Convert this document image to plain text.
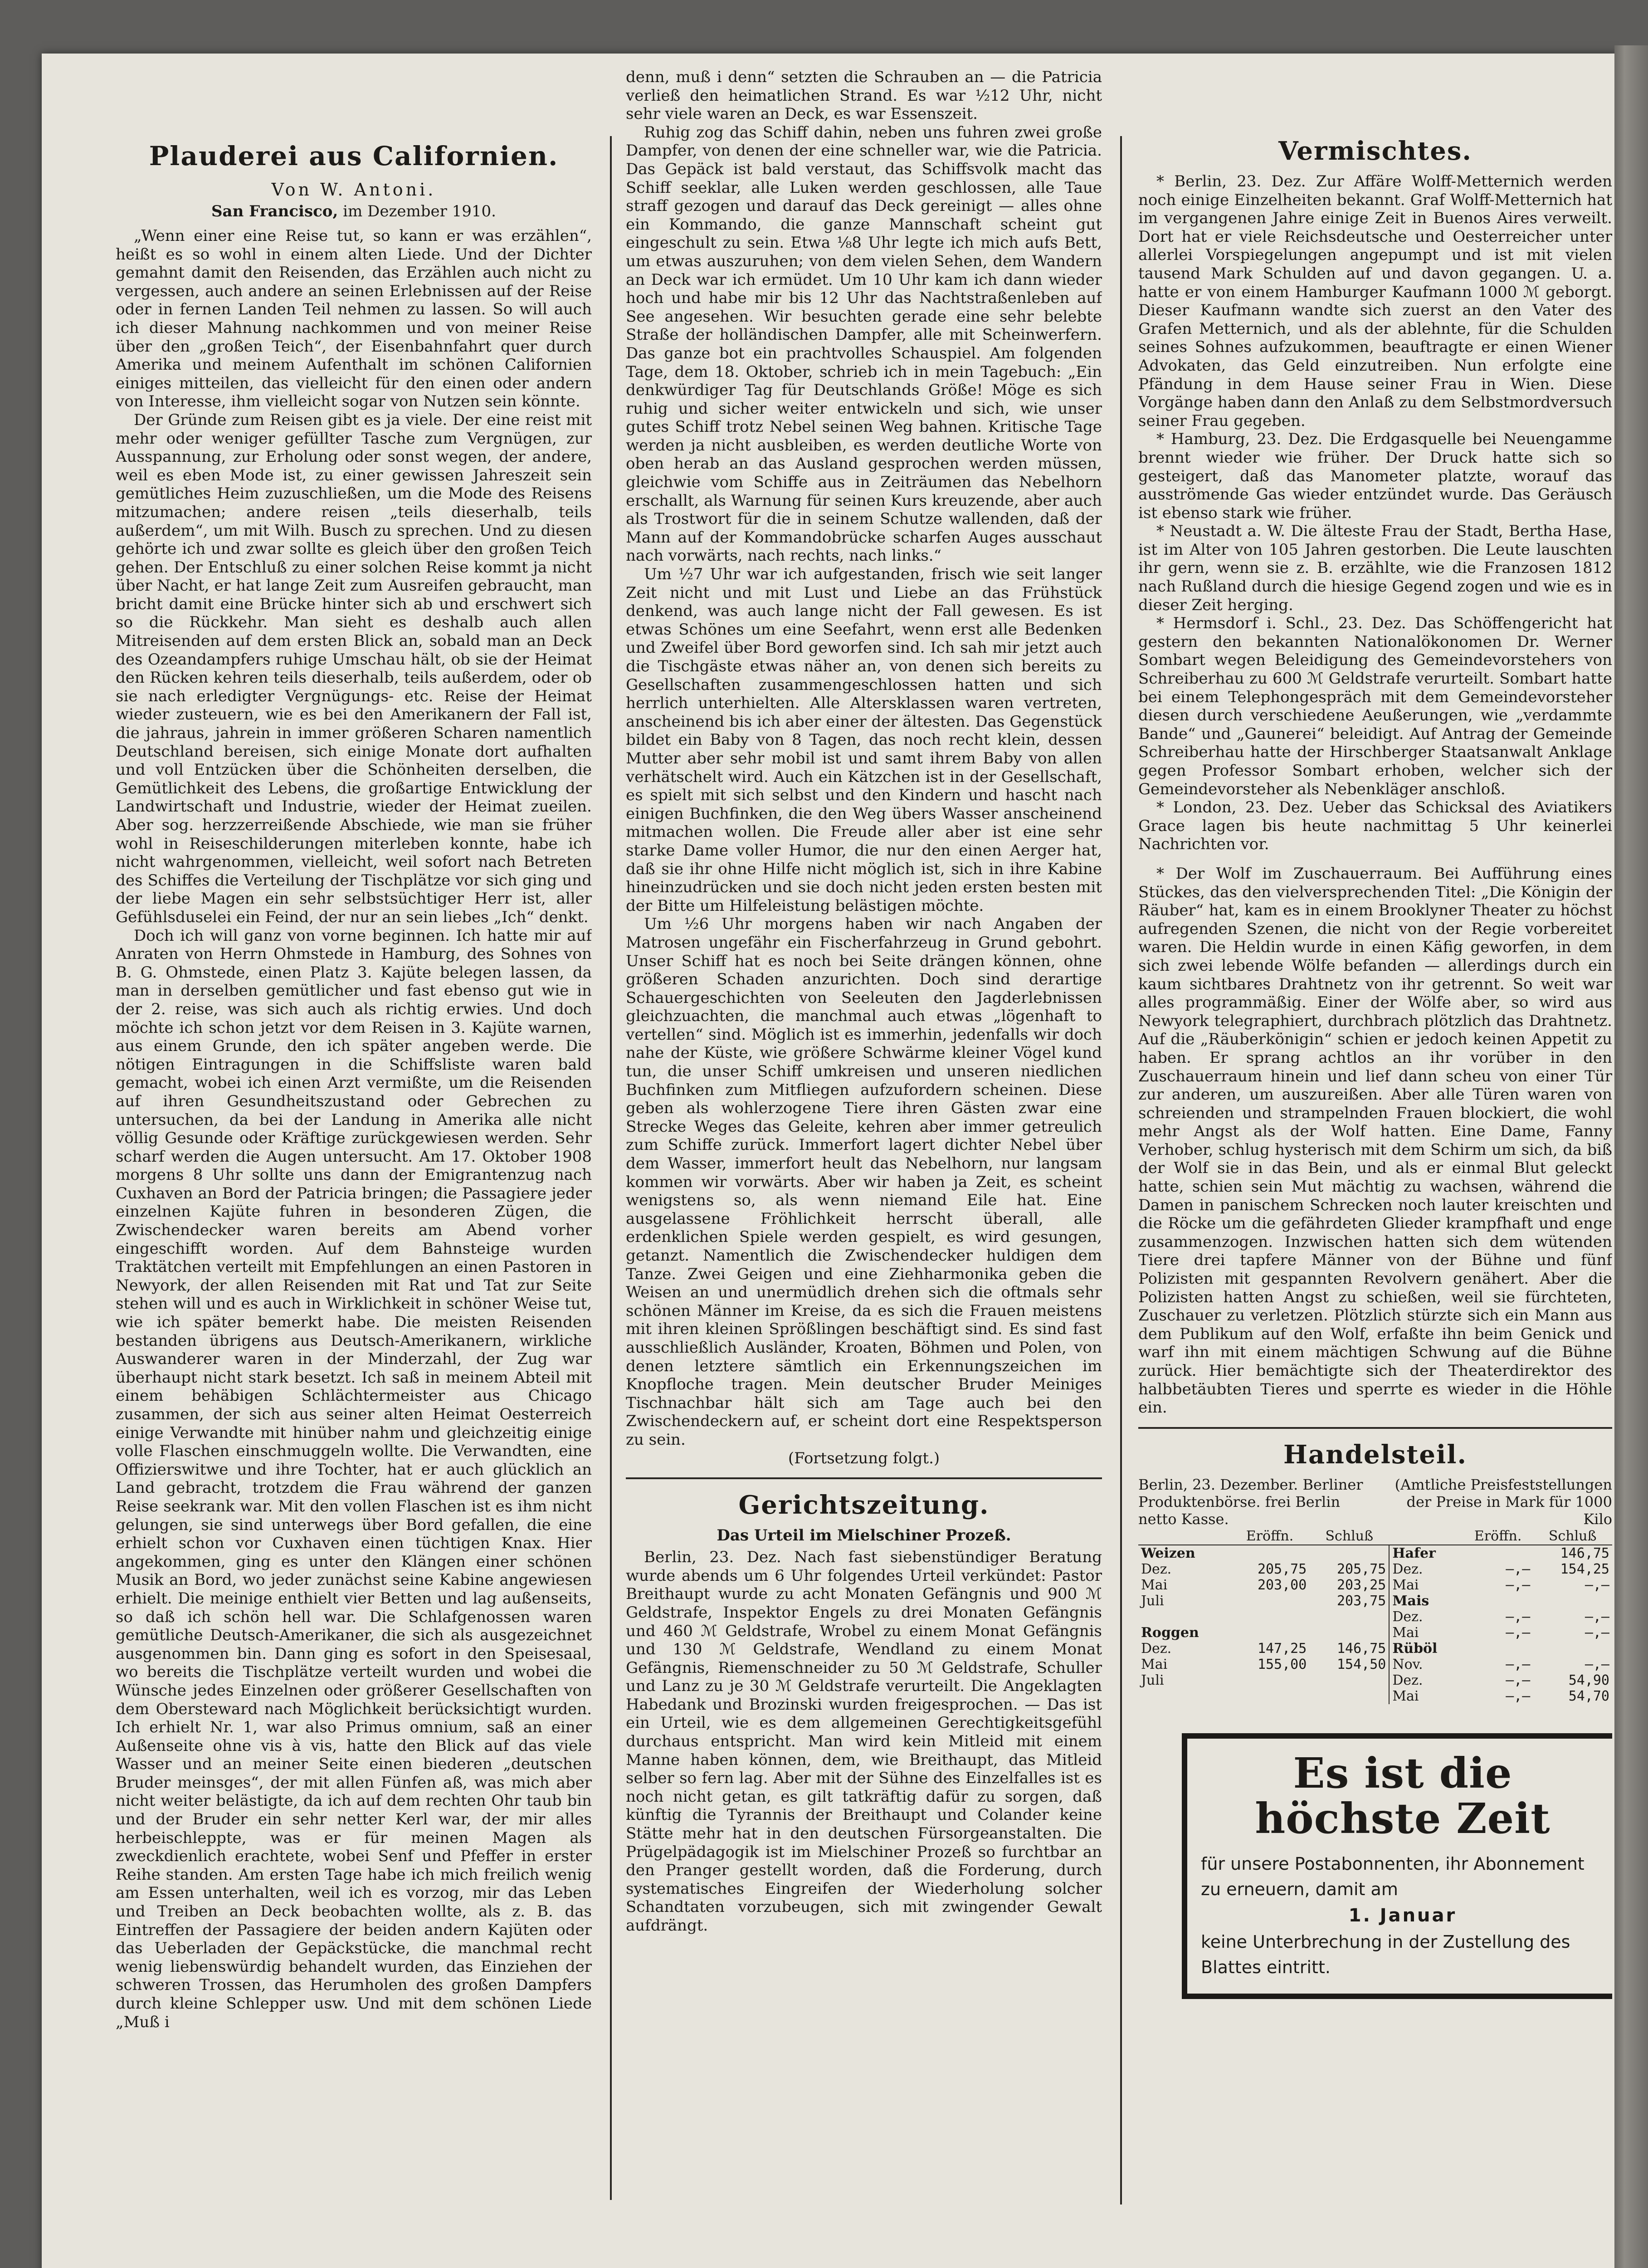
Plauderei aus Californien.
Von W. Antoni.
San Francisco, im Dezember 1910.

„Wenn einer eine Reise tut, so kann er was erzählen“, heißt es so wohl in einem alten Liede. Und der Dichter gemahnt damit den Reisenden, das Erzählen auch nicht zu vergessen, auch andere an seinen Erlebnissen auf der Reise oder in fernen Landen Teil nehmen zu lassen. So will auch ich dieser Mahnung nachkommen und von meiner Reise über den „großen Teich“, der Eisenbahnfahrt quer durch Amerika und meinem Aufenthalt im schönen Californien einiges mitteilen, das vielleicht für den einen oder andern von Interesse, ihm vielleicht sogar von Nutzen sein könnte.

Der Gründe zum Reisen gibt es ja viele. Der eine reist mit mehr oder weniger gefüllter Tasche zum Vergnügen, zur Ausspannung, zur Erholung oder sonst wegen, der andere, weil es eben Mode ist, zu einer gewissen Jahreszeit sein gemütliches Heim zuzuschließen, um die Mode des Reisens mitzumachen; andere reisen „teils dieserhalb, teils außerdem“, um mit Wilh. Busch zu sprechen. Und zu diesen gehörte ich und zwar sollte es gleich über den großen Teich gehen. Der Entschluß zu einer solchen Reise kommt ja nicht über Nacht, er hat lange Zeit zum Ausreifen gebraucht, man bricht damit eine Brücke hinter sich ab und erschwert sich so die Rückkehr. Man sieht es deshalb auch allen Mitreisenden auf dem ersten Blick an, sobald man an Deck des Ozeandampfers ruhige Umschau hält, ob sie der Heimat den Rücken kehren teils dieserhalb, teils außerdem, oder ob sie nach erledigter Vergnügungs- etc. Reise der Heimat wieder zusteuern, wie es bei den Amerikanern der Fall ist, die jahraus, jahrein in immer größeren Scharen namentlich Deutschland bereisen, sich einige Monate dort aufhalten und voll Entzücken über die Schönheiten derselben, die Gemütlichkeit des Lebens, die großartige Entwicklung der Landwirtschaft und Industrie, wieder der Heimat zueilen. Aber sog. herzzerreißende Abschiede, wie man sie früher wohl in Reiseschilderungen miterleben konnte, habe ich nicht wahrgenommen, vielleicht, weil sofort nach Betreten des Schiffes die Verteilung der Tischplätze vor sich ging und der liebe Magen ein sehr selbstsüchtiger Herr ist, aller Gefühlsduselei ein Feind, der nur an sein liebes „Ich“ denkt.

Doch ich will ganz von vorne beginnen. Ich hatte mir auf Anraten von Herrn Ohmstede in Hamburg, des Sohnes von B. G. Ohmstede, einen Platz 3. Kajüte belegen lassen, da man in derselben gemütlicher und fast ebenso gut wie in der 2. reise, was sich auch als richtig erwies. Und doch möchte ich schon jetzt vor dem Reisen in 3. Kajüte warnen, aus einem Grunde, den ich später angeben werde. Die nötigen Eintragungen in die Schiffsliste waren bald gemacht, wobei ich einen Arzt vermißte, um die Reisenden auf ihren Gesundheitszustand oder Gebrechen zu untersuchen, da bei der Landung in Amerika alle nicht völlig Gesunde oder Kräftige zurückgewiesen werden. Sehr scharf werden die Augen untersucht. Am 17. Oktober 1908 morgens 8 Uhr sollte uns dann der Emigrantenzug nach Cuxhaven an Bord der Patricia bringen; die Passagiere jeder einzelnen Kajüte fuhren in besonderen Zügen, die Zwischendecker waren bereits am Abend vorher eingeschifft worden. Auf dem Bahnsteige wurden Traktätchen verteilt mit Empfehlungen an einen Pastoren in Newyork, der allen Reisenden mit Rat und Tat zur Seite stehen will und es auch in Wirklichkeit in schöner Weise tut, wie ich später bemerkt habe. Die meisten Reisenden bestanden übrigens aus Deutsch-Amerikanern, wirkliche Auswanderer waren in der Minderzahl, der Zug war überhaupt nicht stark besetzt. Ich saß in meinem Abteil mit einem behäbigen Schlächtermeister aus Chicago zusammen, der sich aus seiner alten Heimat Oesterreich einige Verwandte mit hinüber nahm und gleichzeitig einige volle Flaschen einschmuggeln wollte. Die Verwandten, eine Offizierswitwe und ihre Tochter, hat er auch glücklich an Land gebracht, trotzdem die Frau während der ganzen Reise seekrank war. Mit den vollen Flaschen ist es ihm nicht gelungen, sie sind unterwegs über Bord gefallen, die eine erhielt schon vor Cuxhaven einen tüchtigen Knax. Hier angekommen, ging es unter den Klängen einer schönen Musik an Bord, wo jeder zunächst seine Kabine angewiesen erhielt. Die meinige enthielt vier Betten und lag außenseits, so daß ich schön hell war. Die Schlafgenossen waren gemütliche Deutsch-Amerikaner, die sich als ausgezeichnet ausgenommen bin. Dann ging es sofort in den Speisesaal, wo bereits die Tischplätze verteilt wurden und wobei die Wünsche jedes Einzelnen oder größerer Gesellschaften von dem Obersteward nach Möglichkeit berücksichtigt wurden. Ich erhielt Nr. 1, war also Primus omnium, saß an einer Außenseite ohne vis à vis, hatte den Blick auf das viele Wasser und an meiner Seite einen biederen „deutschen Bruder meinsges“, der mit allen Fünfen aß, was mich aber nicht weiter belästigte, da ich auf dem rechten Ohr taub bin und der Bruder ein sehr netter Kerl war, der mir alles herbeischleppte, was er für meinen Magen als zweckdienlich erachtete, wobei Senf und Pfeffer in erster Reihe standen. Am ersten Tage habe ich mich freilich wenig am Essen unterhalten, weil ich es vorzog, mir das Leben und Treiben an Deck beobachten wollte, als z. B. das Eintreffen der Passagiere der beiden andern Kajüten oder das Ueberladen der Gepäckstücke, die manchmal recht wenig liebenswürdig behandelt wurden, das Einziehen der schweren Trossen, das Herumholen des großen Dampfers durch kleine Schlepper usw. Und mit dem schönen Liede „Muß i

denn, muß i denn“ setzten die Schrauben an — die Patricia verließ den heimatlichen Strand. Es war ½12 Uhr, nicht sehr viele waren an Deck, es war Essenszeit.

Ruhig zog das Schiff dahin, neben uns fuhren zwei große Dampfer, von denen der eine schneller war, wie die Patricia. Das Gepäck ist bald verstaut, das Schiffsvolk macht das Schiff seeklar, alle Luken werden geschlossen, alle Taue straff gezogen und darauf das Deck gereinigt — alles ohne ein Kommando, die ganze Mannschaft scheint gut eingeschult zu sein. Etwa ⅛8 Uhr legte ich mich aufs Bett, um etwas auszuruhen; von dem vielen Sehen, dem Wandern an Deck war ich ermüdet. Um 10 Uhr kam ich dann wieder hoch und habe mir bis 12 Uhr das Nachtstraßenleben auf See angesehen. Wir besuchten gerade eine sehr belebte Straße der holländischen Dampfer, alle mit Scheinwerfern. Das ganze bot ein prachtvolles Schauspiel. Am folgenden Tage, dem 18. Oktober, schrieb ich in mein Tagebuch: „Ein denkwürdiger Tag für Deutschlands Größe! Möge es sich ruhig und sicher weiter entwickeln und sich, wie unser gutes Schiff trotz Nebel seinen Weg bahnen. Kritische Tage werden ja nicht ausbleiben, es werden deutliche Worte von oben herab an das Ausland gesprochen werden müssen, gleichwie vom Schiffe aus in Zeiträumen das Nebelhorn erschallt, als Warnung für seinen Kurs kreuzende, aber auch als Trostwort für die in seinem Schutze wallenden, daß der Mann auf der Kommandobrücke scharfen Auges ausschaut nach vorwärts, nach rechts, nach links.“

Um ½7 Uhr war ich aufgestanden, frisch wie seit langer Zeit nicht und mit Lust und Liebe an das Frühstück denkend, was auch lange nicht der Fall gewesen. Es ist etwas Schönes um eine Seefahrt, wenn erst alle Bedenken und Zweifel über Bord geworfen sind. Ich sah mir jetzt auch die Tischgäste etwas näher an, von denen sich bereits zu Gesellschaften zusammengeschlossen hatten und sich herrlich unterhielten. Alle Altersklassen waren vertreten, anscheinend bis ich aber einer der ältesten. Das Gegenstück bildet ein Baby von 8 Tagen, das noch recht klein, dessen Mutter aber sehr mobil ist und samt ihrem Baby von allen verhätschelt wird. Auch ein Kätzchen ist in der Gesellschaft, es spielt mit sich selbst und den Kindern und hascht nach einigen Buchfinken, die den Weg übers Wasser anscheinend mitmachen wollen. Die Freude aller aber ist eine sehr starke Dame voller Humor, die nur den einen Aerger hat, daß sie ihr ohne Hilfe nicht möglich ist, sich in ihre Kabine hineinzudrücken und sie doch nicht jeden ersten besten mit der Bitte um Hilfeleistung belästigen möchte.

Um ½6 Uhr morgens haben wir nach Angaben der Matrosen ungefähr ein Fischerfahrzeug in Grund gebohrt. Unser Schiff hat es noch bei Seite drängen können, ohne größeren Schaden anzurichten. Doch sind derartige Schauergeschichten von Seeleuten den Jagderlebnissen gleichzuachten, die manchmal auch etwas „lögenhaft to vertellen“ sind. Möglich ist es immerhin, jedenfalls wir doch nahe der Küste, wie größere Schwärme kleiner Vögel kund tun, die unser Schiff umkreisen und unseren niedlichen Buchfinken zum Mitfliegen aufzufordern scheinen. Diese geben als wohlerzogene Tiere ihren Gästen zwar eine Strecke Weges das Geleite, kehren aber immer getreulich zum Schiffe zurück. Immerfort lagert dichter Nebel über dem Wasser, immerfort heult das Nebelhorn, nur langsam kommen wir vorwärts. Aber wir haben ja Zeit, es scheint wenigstens so, als wenn niemand Eile hat. Eine ausgelassene Fröhlichkeit herrscht überall, alle erdenklichen Spiele werden gespielt, es wird gesungen, getanzt. Namentlich die Zwischendecker huldigen dem Tanze. Zwei Geigen und eine Ziehharmonika geben die Weisen an und unermüdlich drehen sich die oftmals sehr schönen Männer im Kreise, da es sich die Frauen meistens mit ihren kleinen Sprößlingen beschäftigt sind. Es sind fast ausschließlich Ausländer, Kroaten, Böhmen und Polen, von denen letztere sämtlich ein Erkennungszeichen im Knopfloche tragen. Mein deutscher Bruder Meiniges Tischnachbar hält sich am Tage auch bei den Zwischendeckern auf, er scheint dort eine Respektsperson zu sein.

(Fortsetzung folgt.)

Gerichtszeitung.
Das Urteil im Mielschiner Prozeß.

Berlin, 23. Dez. Nach fast siebenstündiger Beratung wurde abends um 6 Uhr folgendes Urteil verkündet: Pastor Breithaupt wurde zu acht Monaten Gefängnis und 900 ℳ Geldstrafe, Inspektor Engels zu drei Monaten Gefängnis und 460 ℳ Geldstrafe, Wrobel zu einem Monat Gefängnis und 130 ℳ Geldstrafe, Wendland zu einem Monat Gefängnis, Riemenschneider zu 50 ℳ Geldstrafe, Schuller und Lanz zu je 30 ℳ Geldstrafe verurteilt. Die Angeklagten Habedank und Brozinski wurden freigesprochen. — Das ist ein Urteil, wie es dem allgemeinen Gerechtigkeitsgefühl durchaus entspricht. Man wird kein Mitleid mit einem Manne haben können, dem, wie Breithaupt, das Mitleid selber so fern lag. Aber mit der Sühne des Einzelfalles ist es noch nicht getan, es gilt tatkräftig dafür zu sorgen, daß künftig die Tyrannis der Breithaupt und Colander keine Stätte mehr hat in den deutschen Fürsorgeanstalten. Die Prügelpädagogik ist im Mielschiner Prozeß so furchtbar an den Pranger gestellt worden, daß die Forderung, durch systematisches Eingreifen der Wiederholung solcher Schandtaten vorzubeugen, sich mit zwingender Gewalt aufdrängt.

Vermischtes.

* Berlin, 23. Dez. Zur Affäre Wolff-Metternich werden noch einige Einzelheiten bekannt. Graf Wolff-Metternich hat im vergangenen Jahre einige Zeit in Buenos Aires verweilt. Dort hat er viele Reichsdeutsche und Oesterreicher unter allerlei Vorspiegelungen angepumpt und ist mit vielen tausend Mark Schulden auf und davon gegangen. U. a. hatte er von einem Hamburger Kaufmann 1000 ℳ geborgt. Dieser Kaufmann wandte sich zuerst an den Vater des Grafen Metternich, und als der ablehnte, für die Schulden seines Sohnes aufzukommen, beauftragte er einen Wiener Advokaten, das Geld einzutreiben. Nun erfolgte eine Pfändung in dem Hause seiner Frau in Wien. Diese Vorgänge haben dann den Anlaß zu dem Selbstmordversuch seiner Frau gegeben.

* Hamburg, 23. Dez. Die Erdgasquelle bei Neuengamme brennt wieder wie früher. Der Druck hatte sich so gesteigert, daß das Manometer platzte, worauf das ausströmende Gas wieder entzündet wurde. Das Geräusch ist ebenso stark wie früher.

* Neustadt a. W. Die älteste Frau der Stadt, Bertha Hase, ist im Alter von 105 Jahren gestorben. Die Leute lauschten ihr gern, wenn sie z. B. erzählte, wie die Franzosen 1812 nach Rußland durch die hiesige Gegend zogen und wie es in dieser Zeit herging.

* Hermsdorf i. Schl., 23. Dez. Das Schöffengericht hat gestern den bekannten Nationalökonomen Dr. Werner Sombart wegen Beleidigung des Gemeindevorstehers von Schreiberhau zu 600 ℳ Geldstrafe verurteilt. Sombart hatte bei einem Telephongespräch mit dem Gemeindevorsteher diesen durch verschiedene Aeußerungen, wie „verdammte Bande“ und „Gaunerei“ beleidigt. Auf Antrag der Gemeinde Schreiberhau hatte der Hirschberger Staatsanwalt Anklage gegen Professor Sombart erhoben, welcher sich der Gemeindevorsteher als Nebenkläger anschloß.

* London, 23. Dez. Ueber das Schicksal des Aviatikers Grace lagen bis heute nachmittag 5 Uhr keinerlei Nachrichten vor.

* Der Wolf im Zuschauerraum. Bei Aufführung eines Stückes, das den vielversprechenden Titel: „Die Königin der Räuber“ hat, kam es in einem Brooklyner Theater zu höchst aufregenden Szenen, die nicht von der Regie vorbereitet waren. Die Heldin wurde in einen Käfig geworfen, in dem sich zwei lebende Wölfe befanden — allerdings durch ein kaum sichtbares Drahtnetz von ihr getrennt. So weit war alles programmäßig. Einer der Wölfe aber, so wird aus Newyork telegraphiert, durchbrach plötzlich das Drahtnetz. Auf die „Räuberkönigin“ schien er jedoch keinen Appetit zu haben. Er sprang achtlos an ihr vorüber in den Zuschauerraum hinein und lief dann scheu von einer Tür zur anderen, um auszureißen. Aber alle Türen waren von schreienden und strampelnden Frauen blockiert, die wohl mehr Angst als der Wolf hatten. Eine Dame, Fanny Verhober, schlug hysterisch mit dem Schirm um sich, da biß der Wolf sie in das Bein, und als er einmal Blut geleckt hatte, schien sein Mut mächtig zu wachsen, während die Damen in panischem Schrecken noch lauter kreischten und die Röcke um die gefährdeten Glieder krampfhaft und enge zusammenzogen. Inzwischen hatten sich dem wütenden Tiere drei tapfere Männer von der Bühne und fünf Polizisten mit gespannten Revolvern genähert. Aber die Polizisten hatten Angst zu schießen, weil sie fürchteten, Zuschauer zu verletzen. Plötzlich stürzte sich ein Mann aus dem Publikum auf den Wolf, erfaßte ihn beim Genick und warf ihn mit einem mächtigen Schwung auf die Bühne zurück. Hier bemächtigte sich der Theaterdirektor des halbbetäubten Tieres und sperrte es wieder in die Höhle ein.

Handelsteil.
Berlin, 23. Dezember. Berliner Produktenbörse. frei Berlin netto Kasse.
(Amtliche Preisfeststellungen der Preise in Mark für 1000 Kilo
	Eröffn.	Schluß		Eröffn.	Schluß
Weizen			Hafer		146,75
Dez.	205,75	205,75	Dez.	—,—	154,25
Mai	203,00	203,25	Mai	—,—	—,—
Juli		203,75	Mais		
			Dez.	—,—	—,—
Roggen			Mai	—,—	—,—
Dez.	147,25	146,75	Rüböl		
Mai	155,00	154,50	Nov.	—,—	—,—
Juli			Dez.	—,—	54,90
			Mai	—,—	54,70
Es ist die höchste Zeit

für unsere Postabonnenten, ihr Abonnement zu erneuern, damit am

1. Januar

keine Unterbrechung in der Zustellung des Blattes eintritt.
